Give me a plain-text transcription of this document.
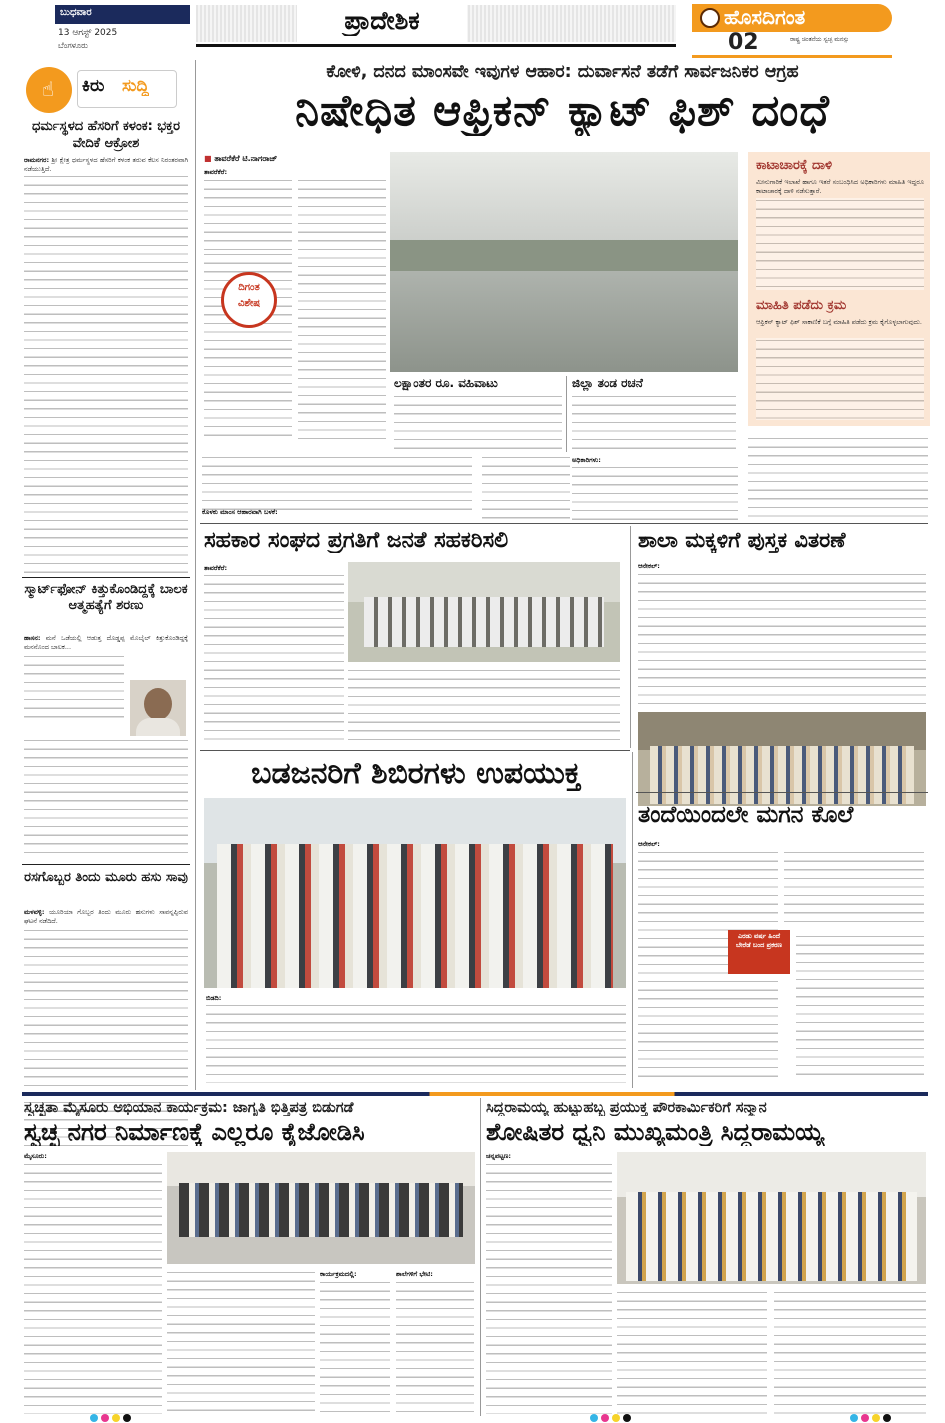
ಬುಧವಾರ
13 ಆಗಸ್ಟ್ 2025
ಬೆಂಗಳೂರು
ಪ್ರಾದೇಶಿಕ	ಹೊಸದಿಗಂತ
ರಾಷ್ಟ್ರ ಚಿಂತನೆಯ ಸ್ವಚ್ಛ ಮನಸ್ಸು
02
☝	ಕಿರು ಸುದ್ದಿ
ಧರ್ಮಸ್ಥಳದ ಹೆಸರಿಗೆ ಕಳಂಕ: ಭಕ್ತರ ವೇದಿಕೆ ಆಕ್ರೋಶ
ರಾಮನಗರ: ಶ್ರೀ ಕ್ಷೇತ್ರ ಧರ್ಮಸ್ಥಳದ ಹೆಸರಿಗೆ ಕಳಂಕ ತರುವ ಕೆಲಸ ನಿರಂತರವಾಗಿ ನಡೆಯುತ್ತಿದೆ.
ಸ್ಮಾರ್ಟ್‌ಫೋನ್ ಕಿತ್ತುಕೊಂಡಿದ್ದಕ್ಕೆ ಬಾಲಕ ಆತ್ಮಹತ್ಯೆಗೆ ಶರಣು
ಹಾಸನ: ಮನೆ ಒಡೆಯಲ್ಲಿ ಆಡುತ್ತ ದೊಡ್ಡಪ್ಪ ಮೊಬೈಲ್ ಕಿತ್ತುಕೊಂಡಿದ್ದಕ್ಕೆ ಮನನೊಂದ ಬಾಲಕ...
ರಸಗೊಬ್ಬರ ತಿಂದು ಮೂರು ಹಸು ಸಾವು
ಮಳವಳ್ಳಿ: ಯೂರಿಯಾ ಗೊಬ್ಬರ ತಿಂದು ಮೂರು ಹಸುಗಳು ಸಾವನ್ನಪ್ಪಿರುವ ಘಟನೆ ನಡೆದಿದೆ.
ಕೋಳಿ, ದನದ ಮಾಂಸವೇ ಇವುಗಳ ಆಹಾರ: ದುರ್ವಾಸನೆ ತಡೆಗೆ ಸಾರ್ವಜನಿಕರ ಆಗ್ರಹ
ನಿಷೇಧಿತ ಆಫ್ರಿಕನ್ ಕ್ಯಾಟ್ ಫಿಶ್ ದಂಧೆ
■ ತಾವರೆಕೆರೆ ಟಿ.ನಾಗರಾಜ್
ತಾವರೆಕೆರೆ:
ಕೊಳಕು ಮಾಂಸ ಆಹಾರವಾಗಿ ಬಳಕೆ:
ದಿಗಂತ
ವಿಶೇಷ
ಲಕ್ಷಾಂತರ ರೂ. ವಹಿವಾಟು	ಜಿಲ್ಲಾ ತಂಡ ರಚನೆ
ಅಧಿಕಾರಿಗಳು:
ಕಾಟಾಚಾರಕ್ಕೆ ದಾಳಿ
ಮೀನುಗಾರಿಕೆ ಇಲಾಖೆ ಹಾಗೂ ಇತರೆ ಸಂಬಂಧಿಸಿದ ಅಧಿಕಾರಿಗಳು ಮಾಹಿತಿ ಇದ್ದರೂ ಕಾಟಾಚಾರಕ್ಕೆ ದಾಳಿ ನಡೆಸುತ್ತಾರೆ.
ಮಾಹಿತಿ ಪಡೆದು ಕ್ರಮ
ಆಫ್ರಿಕನ್ ಕ್ಯಾಟ್ ಫಿಶ್ ಸಾಕಾಣಿಕೆ ಬಗ್ಗೆ ಮಾಹಿತಿ ಪಡೆದು ಕ್ರಮ ಕೈಗೊಳ್ಳಲಾಗುವುದು.
ಸಹಕಾರ ಸಂಘದ ಪ್ರಗತಿಗೆ ಜನತೆ ಸಹಕರಿಸಲಿ
ತಾವರೆಕೆರೆ:
ಶಾಲಾ ಮಕ್ಕಳಿಗೆ ಪುಸ್ತಕ ವಿತರಣೆ
ಆನೇಕಲ್:
ಬಡಜನರಿಗೆ ಶಿಬಿರಗಳು ಉಪಯುಕ್ತ
ಬಿಡದಿ:
ತಂದೆಯಿಂದಲೇ ಮಗನ ಕೊಲೆ
ಆನೇಕಲ್:
ಎರಡು ವರ್ಷ ಹಿಂದೆ ಬೇರೆಡೆ ಬಂದ ಪ್ರಕರಣ
ಸ್ವಚ್ಛತಾ ಮೈಸೂರು ಅಭಿಯಾನ ಕಾರ್ಯಕ್ರಮ: ಜಾಗೃತಿ ಭಿತ್ತಿಪತ್ರ ಬಿಡುಗಡೆ
ಸ್ವಚ್ಛ ನಗರ ನಿರ್ಮಾಣಕ್ಕೆ ಎಲ್ಲರೂ ಕೈಜೋಡಿಸಿ
ಮೈಸೂರು:
ಕಾರ್ಯಕ್ರಮದಲ್ಲಿ:	ಶಾಲೆಗಳಿಗೆ ಭೇಟಿ:
ಸಿದ್ದರಾಮಯ್ಯ ಹುಟ್ಟುಹಬ್ಬ ಪ್ರಯುಕ್ತ ಪೌರಕಾರ್ಮಿಕರಿಗೆ ಸನ್ಮಾನ
ಶೋಷಿತರ ಧ್ವನಿ ಮುಖ್ಯಮಂತ್ರಿ ಸಿದ್ದರಾಮಯ್ಯ
ಚನ್ನಪಟ್ಟಣ:
